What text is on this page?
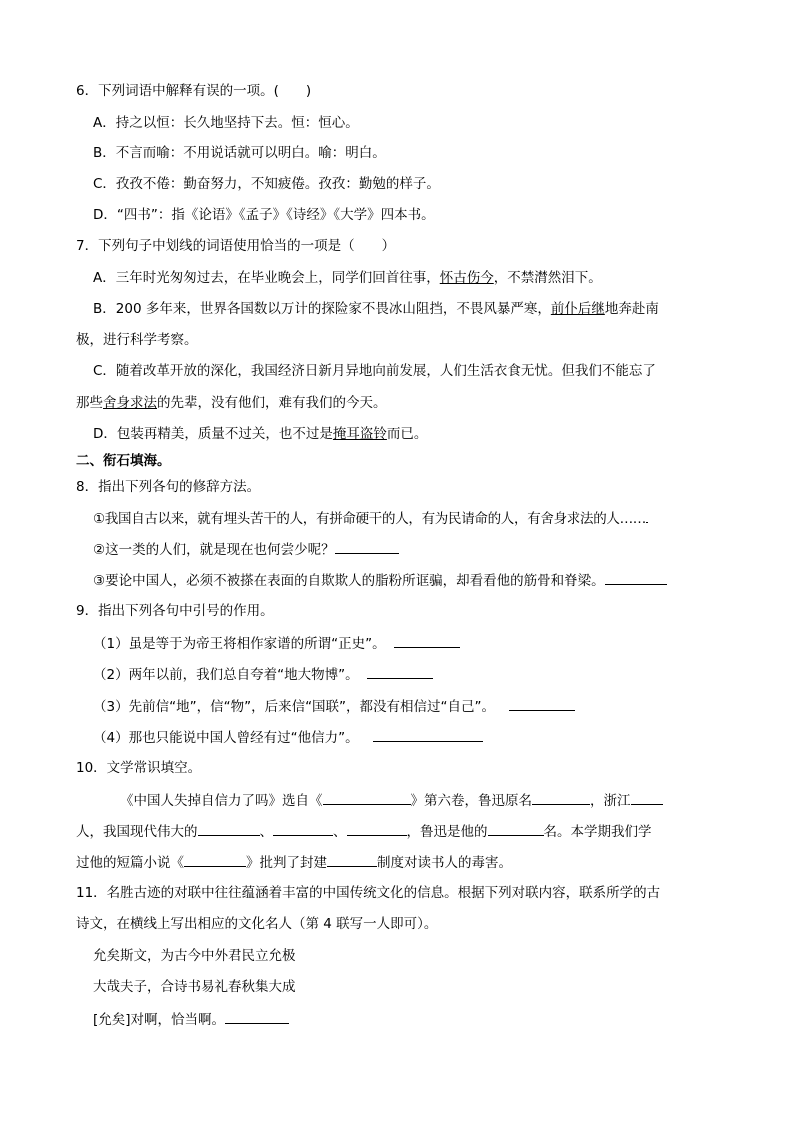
6．下列词语中解释有误的一项。(　　)
A．持之以恒：长久地坚持下去。恒：恒心。
B．不言而喻：不用说话就可以明白。喻：明白。
C．孜孜不倦：勤奋努力，不知疲倦。孜孜：勤勉的样子。
D．“四书”：指《论语》《孟子》《诗经》《大学》四本书。
7．下列句子中划线的词语使用恰当的一项是（　　）
A．三年时光匆匆过去，在毕业晚会上，同学们回首往事，怀古伤今，不禁潸然泪下。
B．200 多年来，世界各国数以万计的探险家不畏冰山阻挡，不畏风暴严寒，前仆后继地奔赴南
极，进行科学考察。
C．随着改革开放的深化，我国经济日新月异地向前发展，人们生活衣食无忧。但我们不能忘了
那些舍身求法的先辈，没有他们，难有我们的今天。
D．包装再精美，质量不过关，也不过是掩耳盗铃而已。
二、衔石填海。
8．指出下列各句的修辞方法。
①我国自古以来，就有埋头苦干的人，有拼命硬干的人，有为民请命的人，有舍身求法的人……
②这一类的人们，就是现在也何尝少呢？
③要论中国人，必须不被搽在表面的自欺欺人的脂粉所诓骗，却看看他的筋骨和脊梁。
9．指出下列各句中引号的作用。
（1）虽是等于为帝王将相作家谱的所谓“正史”。
（2）两年以前，我们总自夸着“地大物博”。
（3）先前信“地”，信“物”，后来信“国联”，都没有相信过“自己”。
（4）那也只能说中国人曾经有过“他信力”。
10．文学常识填空。
《中国人失掉自信力了吗》选自《	》第六卷，鲁迅原名	，浙江
人，我国现代伟大的	、	、	，鲁迅是他的	名。本学期我们学
过他的短篇小说《	》批判了封建	制度对读书人的毒害。
11．名胜古迹的对联中往往蕴涵着丰富的中国传统文化的信息。根据下列对联内容，联系所学的古
诗文，在横线上写出相应的文化名人（第 4 联写一人即可）。
允矣斯文，为古今中外君民立允极
大哉夫子，合诗书易礼春秋集大成
[允矣]对啊，恰当啊。
